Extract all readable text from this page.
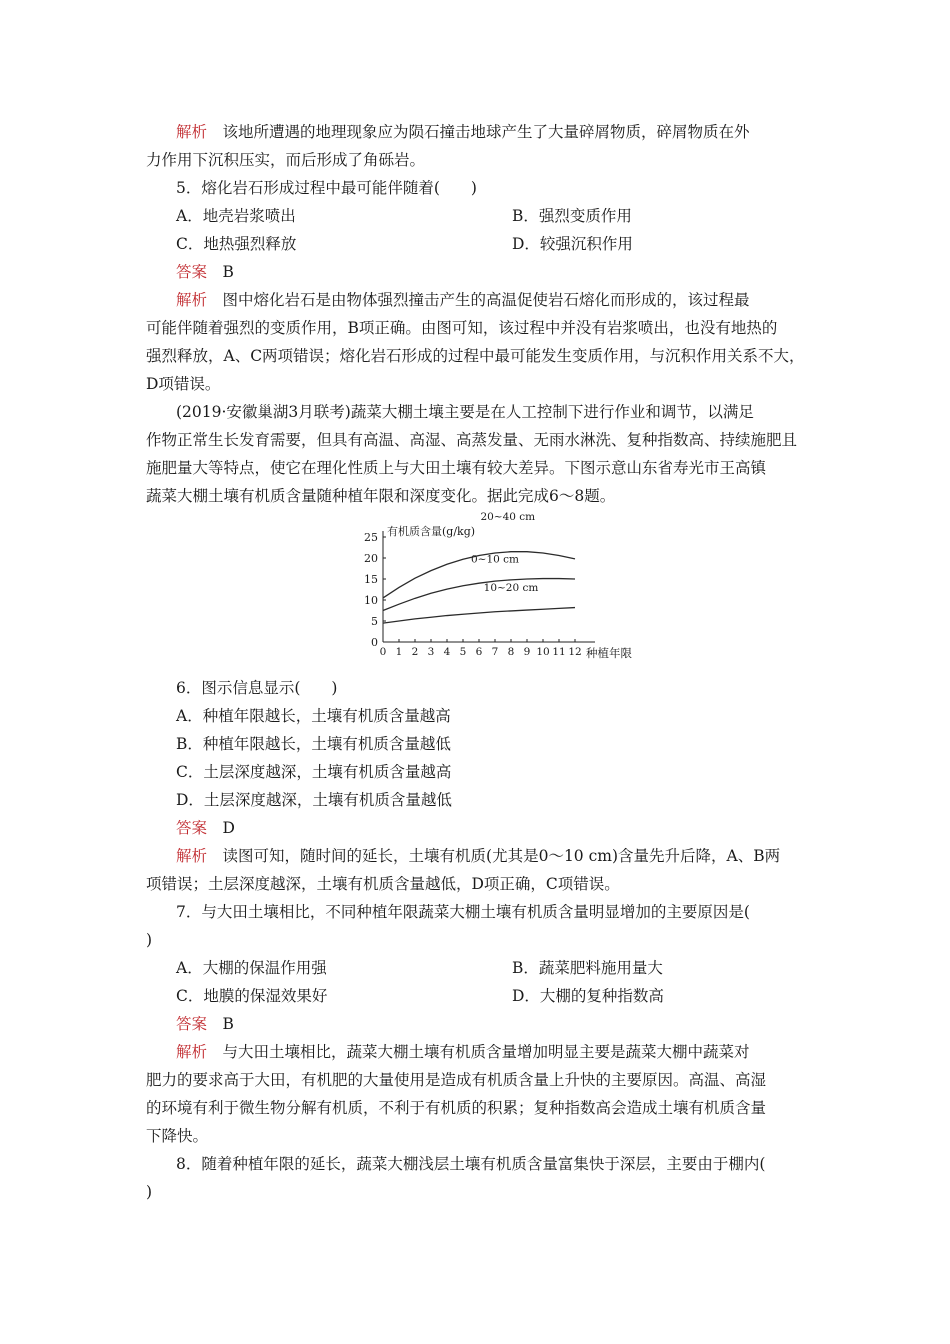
解析　 该地所遭遇的地理现象应为陨石撞击地球产生了大量碎屑物质，碎屑物质在外
力作用下沉积压实，而后形成了角砾岩。
5．熔化岩石形成过程中最可能伴随着(　　)
A．地壳岩浆喷出	B．强烈变质作用
C．地热强烈释放	D．较强沉积作用
答案　 B
解析　 图中熔化岩石是由物体强烈撞击产生的高温促使岩石熔化而形成的，该过程最
可能伴随着强烈的变质作用，B项正确。由图可知，该过程中并没有岩浆喷出，也没有地热的
强烈释放，A、C两项错误；熔化岩石形成的过程中最可能发生变质作用，与沉积作用关系不大，
D项错误。
(2019·安徽巢湖3月联考)蔬菜大棚土壤主要是在人工控制下进行作业和调节，以满足
作物正常生长发育需要，但具有高温、高湿、高蒸发量、无雨水淋洗、复种指数高、持续施肥且
施肥量大等特点，使它在理化性质上与大田土壤有较大差异。下图示意山东省寿光市王高镇
蔬菜大棚土壤有机质含量随种植年限和深度变化。据此完成6～8题。
0
5
10
15
20
25
0 1 2 3 4 5 6 7 8 9 10 11 12
有机质含量(g/kg)
种植年限
0~10 cm
10~20 cm
20~40 cm
6．图示信息显示(　　)
A．种植年限越长，土壤有机质含量越高
B．种植年限越长，土壤有机质含量越低
C．土层深度越深，土壤有机质含量越高
D．土层深度越深，土壤有机质含量越低
答案　 D
解析　 读图可知，随时间的延长，土壤有机质(尤其是0～10 cm)含量先升后降，A、B两
项错误；土层深度越深，土壤有机质含量越低，D项正确，C项错误。
7．与大田土壤相比，不同种植年限蔬菜大棚土壤有机质含量明显增加的主要原因是(
)
A．大棚的保温作用强	B．蔬菜肥料施用量大
C．地膜的保湿效果好	D．大棚的复种指数高
答案　 B
解析　 与大田土壤相比，蔬菜大棚土壤有机质含量增加明显主要是蔬菜大棚中蔬菜对
肥力的要求高于大田，有机肥的大量使用是造成有机质含量上升快的主要原因。高温、高湿
的环境有利于微生物分解有机质，不利于有机质的积累；复种指数高会造成土壤有机质含量
下降快。
8．随着种植年限的延长，蔬菜大棚浅层土壤有机质含量富集快于深层，主要由于棚内(
)
